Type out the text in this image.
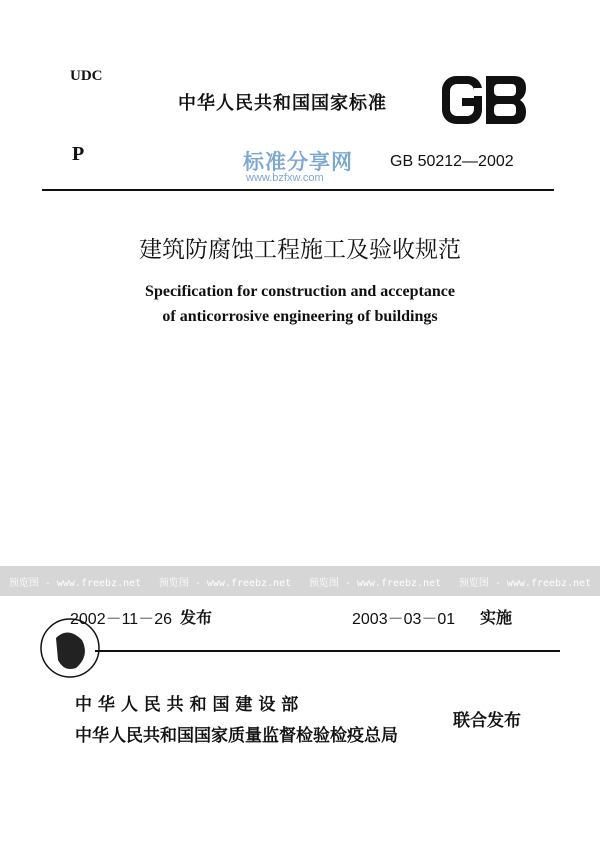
UDC
中华人民共和国国家标准
P	标准分享网
www.bzfxw.com
GB 50212—2002
建筑防腐蚀工程施工及验收规范
Specification for construction and acceptance
of anticorrosive engineering of buildings
预览图 - www.freebz.net 预览图 - www.freebz.net 预览图 - www.freebz.net 预览图 - www.freebz.net
2002－11－26 发布	2003－03－01 实施
中 华 人 民 共 和 国 建 设 部
中华人民共和国国家质量监督检验检疫总局
联合发布
